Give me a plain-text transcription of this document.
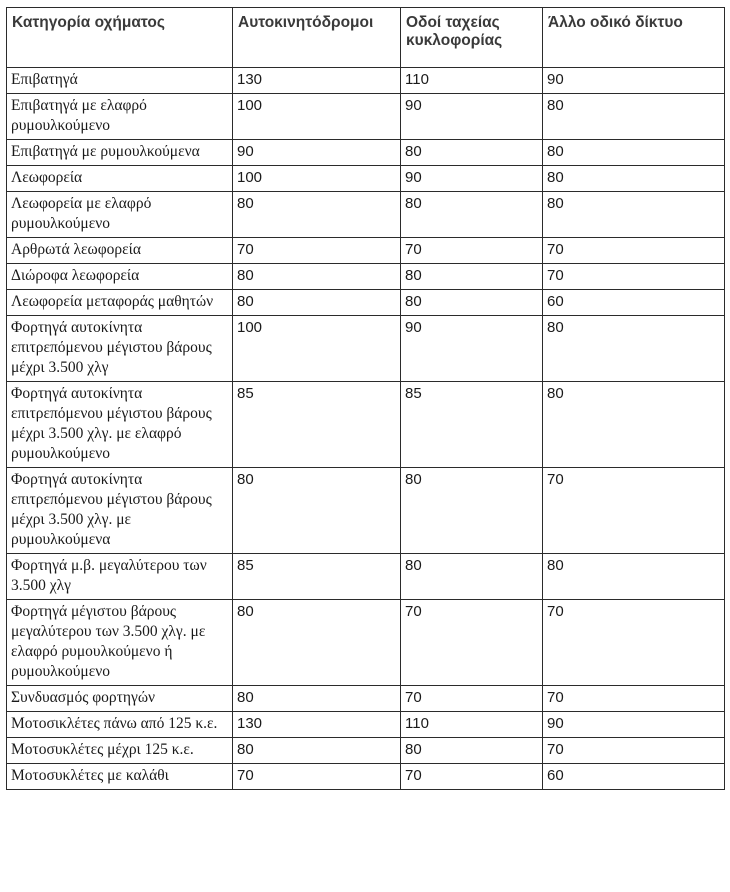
Κατηγορία οχήματος	Αυτοκινητόδρομοι	Οδοί ταχείας κυκλοφορίας	Άλλο οδικό δίκτυο
Επιβατηγά	130	110	90
Επιβατηγά με ελαφρό ρυμουλκούμενο	100	90	80
Επιβατηγά με ρυμουλκούμενα	90	80	80
Λεωφορεία	100	90	80
Λεωφορεία με ελαφρό ρυμουλκούμενο	80	80	80
Αρθρωτά λεωφορεία	70	70	70
Διώροφα λεωφορεία	80	80	70
Λεωφορεία μεταφοράς μαθητών	80	80	60
Φορτηγά αυτοκίνητα επιτρεπόμενου μέγιστου βάρους μέχρι 3.500 χλγ	100	90	80
Φορτηγά αυτοκίνητα επιτρεπόμενου μέγιστου βάρους μέχρι 3.500 χλγ. με ελαφρό ρυμουλκούμενο	85	85	80
Φορτηγά αυτοκίνητα επιτρεπόμενου μέγιστου βάρους μέχρι 3.500 χλγ. με ρυμουλκούμενα	80	80	70
Φορτηγά μ.β. μεγαλύτερου των 3.500 χλγ	85	80	80
Φορτηγά μέγιστου βάρους μεγαλύτερου των 3.500 χλγ. με ελαφρό ρυμουλκούμενο ή ρυμουλκούμενο	80	70	70
Συνδυασμός φορτηγών	80	70	70
Μοτοσικλέτες πάνω από 125 κ.ε.	130	110	90
Μοτοσυκλέτες μέχρι 125 κ.ε.	80	80	70
Μοτοσυκλέτες με καλάθι	70	70	60
